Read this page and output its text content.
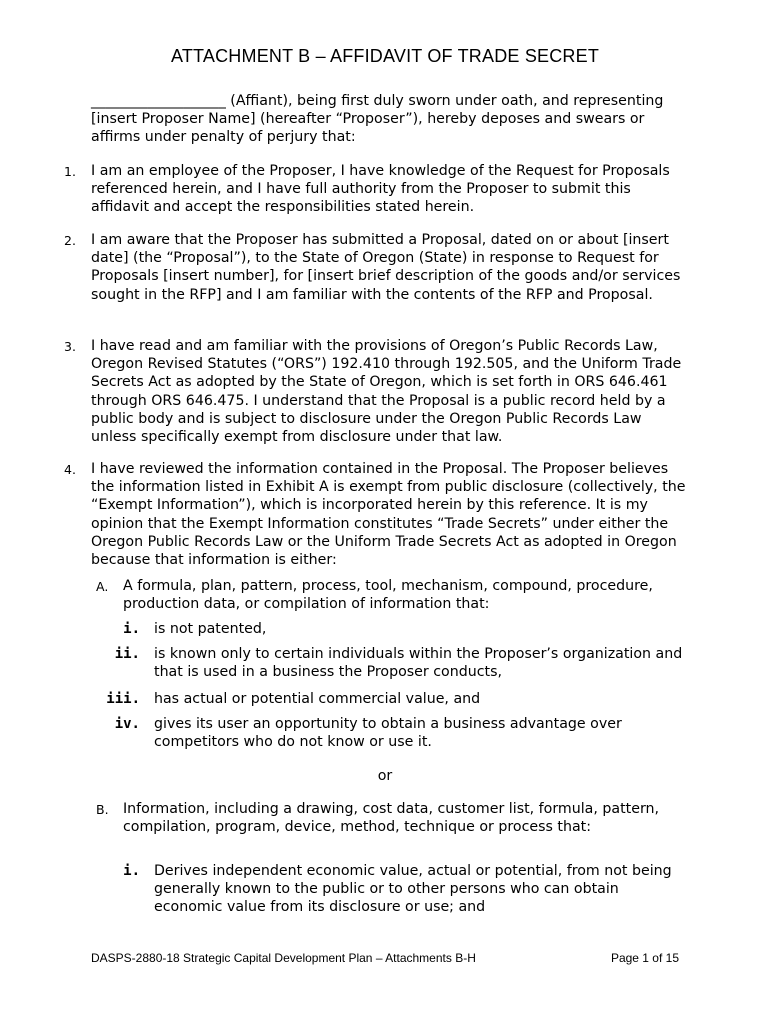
ATTACHMENT B – AFFIDAVIT OF TRADE SECRET
___________________ (Affiant), being first duly sworn under oath, and representing [insert Proposer Name] (hereafter “Proposer”), hereby deposes and swears or affirms under penalty of perjury that:
1. I am an employee of the Proposer, I have knowledge of the Request for Proposals referenced herein, and I have full authority from the Proposer to submit this affidavit and accept the responsibilities stated herein.
2. I am aware that the Proposer has submitted a Proposal, dated on or about [insert date] (the “Proposal”), to the State of Oregon (State) in response to Request for Proposals [insert number], for [insert brief description of the goods and/or services sought in the RFP] and I am familiar with the contents of the RFP and Proposal.
3. I have read and am familiar with the provisions of Oregon’s Public Records Law, Oregon Revised Statutes (“ORS”) 192.410 through 192.505, and the Uniform Trade Secrets Act as adopted by the State of Oregon, which is set forth in ORS 646.461 through ORS 646.475. I understand that the Proposal is a public record held by a public body and is subject to disclosure under the Oregon Public Records Law unless specifically exempt from disclosure under that law.
4. I have reviewed the information contained in the Proposal. The Proposer believes the information listed in Exhibit A is exempt from public disclosure (collectively, the “Exempt Information”), which is incorporated herein by this reference. It is my opinion that the Exempt Information constitutes “Trade Secrets” under either the Oregon Public Records Law or the Uniform Trade Secrets Act as adopted in Oregon because that information is either:
A. A formula, plan, pattern, process, tool, mechanism, compound, procedure, production data, or compilation of information that:
i. is not patented,
ii. is known only to certain individuals within the Proposer’s organization and that is used in a business the Proposer conducts,
iii. has actual or potential commercial value, and
iv. gives its user an opportunity to obtain a business advantage over competitors who do not know or use it.
or
B. Information, including a drawing, cost data, customer list, formula, pattern, compilation, program, device, method, technique or process that:
i. Derives independent economic value, actual or potential, from not being generally known to the public or to other persons who can obtain economic value from its disclosure or use; and
DASPS-2880-18 Strategic Capital Development Plan – Attachments B-H	Page 1 of 15
